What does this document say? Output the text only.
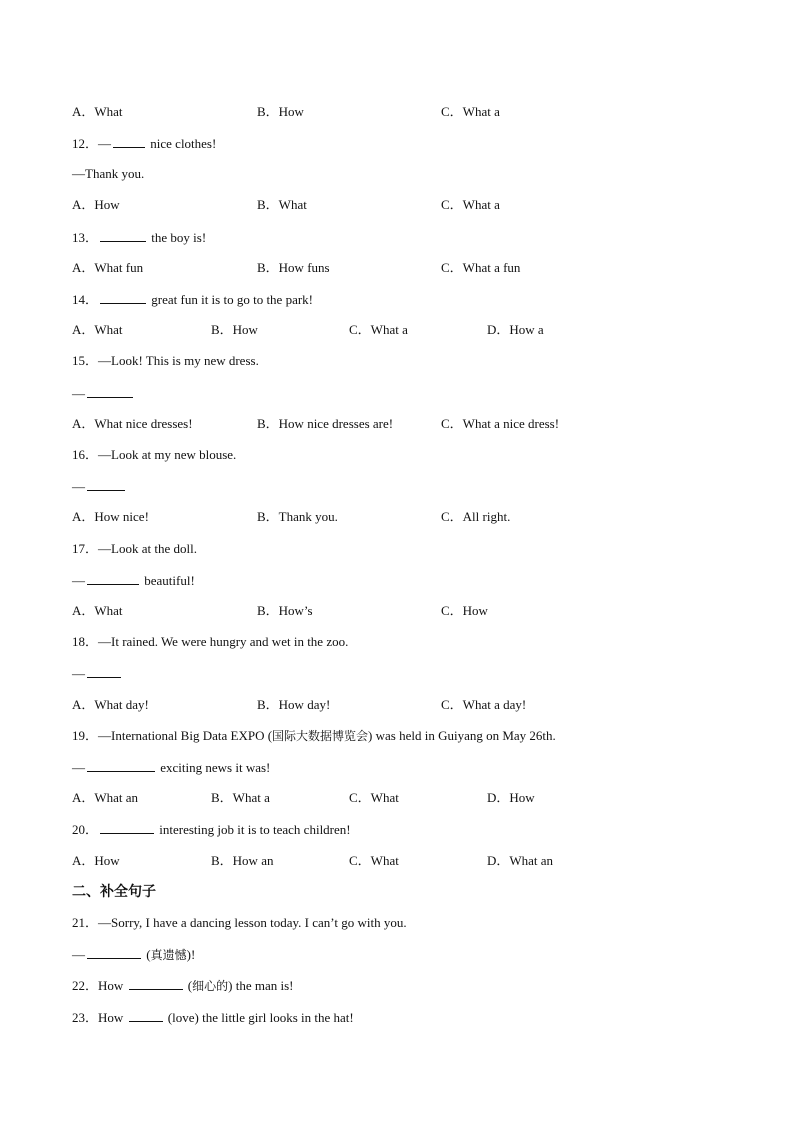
A．What	B．How	C．What a
12．—	nice clothes!
—Thank you.
A．How	B．What	C．What a
13．	the boy is!
A．What fun	B．How funs	C．What a fun
14．	great fun it is to go to the park!
A．What	B．How	C．What a	D．How a
15．—Look! This is my new dress.
—
A．What nice dresses!	B．How nice dresses are!	C．What a nice dress!
16．—Look at my new blouse.
—
A．How nice!	B．Thank you.	C．All right.
17．—Look at the doll.
—	beautiful!
A．What	B．How’s	C．How
18．—It rained. We were hungry and wet in the zoo.
—
A．What day!	B．How day!	C．What a day!
19．—International Big Data EXPO (国际大数据博览会) was held in Guiyang on May 26th.
—	exciting news it was!
A．What an	B．What a	C．What	D．How
20．	interesting job it is to teach children!
A．How	B．How an	C．What	D．What an
二、补全句子
21．—Sorry, I have a dancing lesson today. I can’t go with you.
—	(真遗憾)!
22．How	(细心的) the man is!
23．How	(love) the little girl looks in the hat!
